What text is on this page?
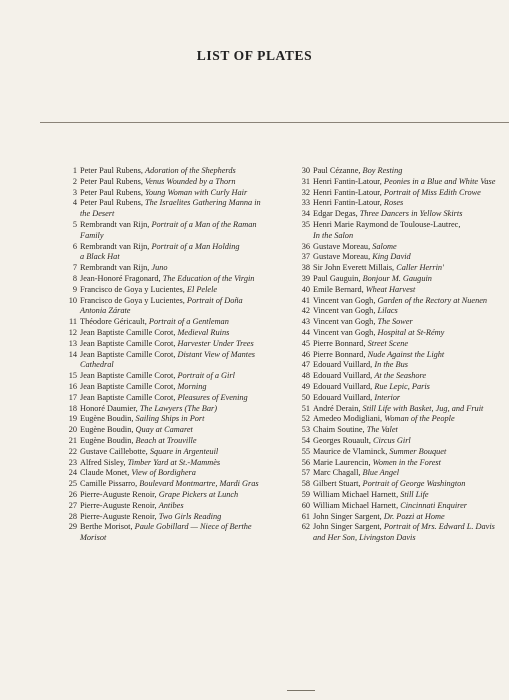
LIST OF PLATES
1 Peter Paul Rubens, Adoration of the Shepherds
2 Peter Paul Rubens, Venus Wounded by a Thorn
3 Peter Paul Rubens, Young Woman with Curly Hair
4 Peter Paul Rubens, The Israelites Gathering Manna in
the Desert
5 Rembrandt van Rijn, Portrait of a Man of the Raman
Family
6 Rembrandt van Rijn, Portrait of a Man Holding
a Black Hat
7 Rembrandt van Rijn, Juno
8 Jean-Honoré Fragonard, The Education of the Virgin
9 Francisco de Goya y Lucientes, El Pelele
10 Francisco de Goya y Lucientes, Portrait of Doña
Antonia Zárate
11 Théodore Géricault, Portrait of a Gentleman
12 Jean Baptiste Camille Corot, Medieval Ruins
13 Jean Baptiste Camille Corot, Harvester Under Trees
14 Jean Baptiste Camille Corot, Distant View of Mantes
Cathedral
15 Jean Baptiste Camille Corot, Portrait of a Girl
16 Jean Baptiste Camille Corot, Morning
17 Jean Baptiste Camille Corot, Pleasures of Evening
18 Honoré Daumier, The Lawyers (The Bar)
19 Eugène Boudin, Sailing Ships in Port
20 Eugène Boudin, Quay at Camaret
21 Eugène Boudin, Beach at Trouville
22 Gustave Caillebotte, Square in Argenteuil
23 Alfred Sisley, Timber Yard at St.-Mammès
24 Claude Monet, View of Bordighera
25 Camille Pissarro, Boulevard Montmartre, Mardi Gras
26 Pierre-Auguste Renoir, Grape Pickers at Lunch
27 Pierre-Auguste Renoir, Antibes
28 Pierre-Auguste Renoir, Two Girls Reading
29 Berthe Morisot, Paule Gobillard — Niece of Berthe
Morisot
30 Paul Cézanne, Boy Resting
31 Henri Fantin-Latour, Peonies in a Blue and White Vase
32 Henri Fantin-Latour, Portrait of Miss Edith Crowe
33 Henri Fantin-Latour, Roses
34 Edgar Degas, Three Dancers in Yellow Skirts
35 Henri Marie Raymond de Toulouse-Lautrec,
In the Salon
36 Gustave Moreau, Salome
37 Gustave Moreau, King David
38 Sir John Everett Millais, Caller Herrin'
39 Paul Gauguin, Bonjour M. Gauguin
40 Emile Bernard, Wheat Harvest
41 Vincent van Gogh, Garden of the Rectory at Nuenen
42 Vincent van Gogh, Lilacs
43 Vincent van Gogh, The Sower
44 Vincent van Gogh, Hospital at St-Rémy
45 Pierre Bonnard, Street Scene
46 Pierre Bonnard, Nude Against the Light
47 Edouard Vuillard, In the Bus
48 Edouard Vuillard, At the Seashore
49 Edouard Vuillard, Rue Lepic, Paris
50 Edouard Vuillard, Interior
51 André Derain, Still Life with Basket, Jug, and Fruit
52 Amedeo Modigliani, Woman of the People
53 Chaim Soutine, The Valet
54 Georges Rouault, Circus Girl
55 Maurice de Vlaminck, Summer Bouquet
56 Marie Laurencin, Women in the Forest
57 Marc Chagall, Blue Angel
58 Gilbert Stuart, Portrait of George Washington
59 William Michael Harnett, Still Life
60 William Michael Harnett, Cincinnati Enquirer
61 John Singer Sargent, Dr. Pozzi at Home
62 John Singer Sargent, Portrait of Mrs. Edward L. Davis
and Her Son, Livingston Davis
